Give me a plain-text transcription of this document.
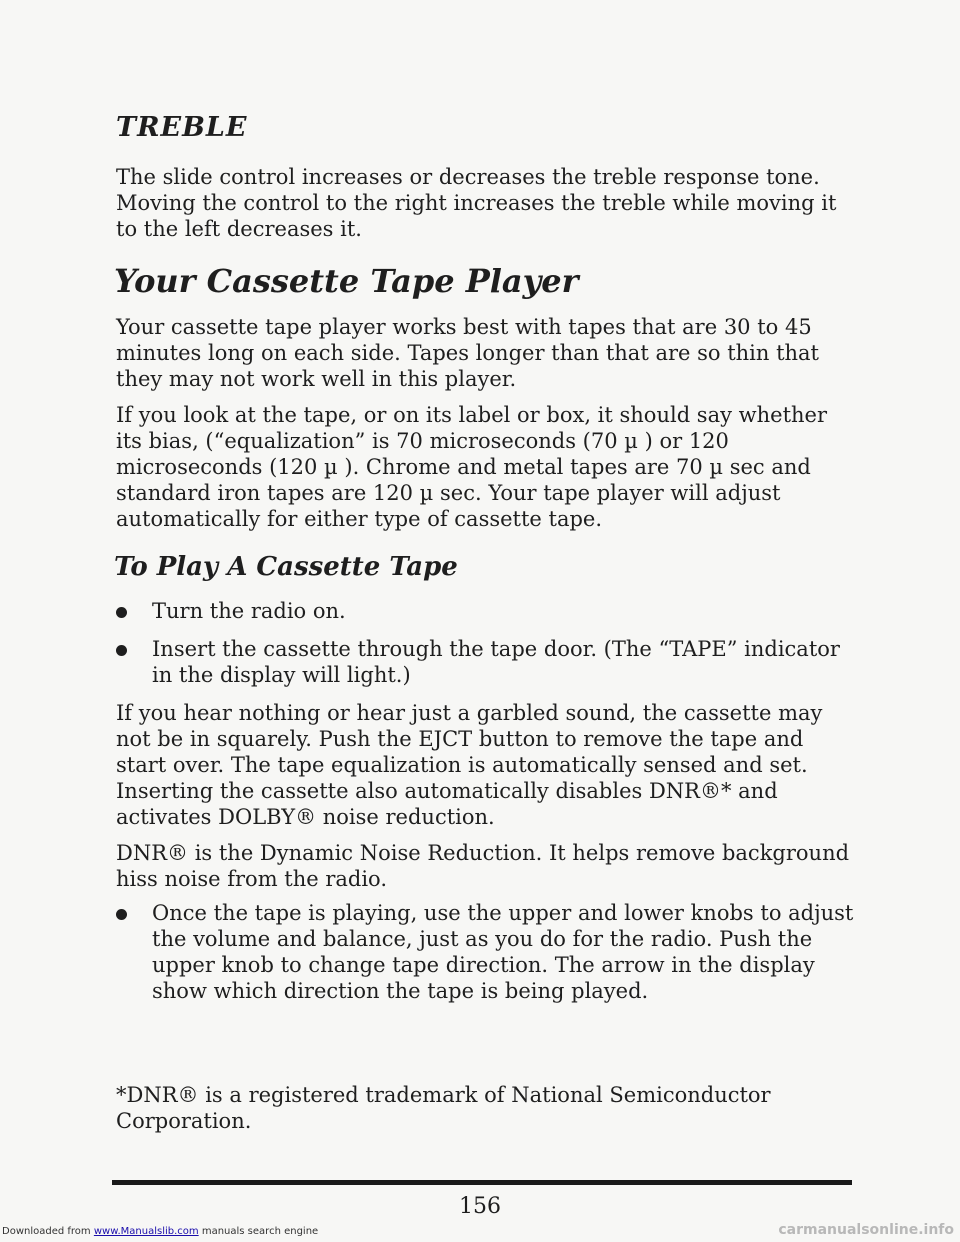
TREBLE

The slide control increases or decreases the treble response tone. Moving the control to the right increases the treble while moving it to the left decreases it.

Your Cassette Tape Player

Your cassette tape player works best with tapes that are 30 to 45 minutes long on each side. Tapes longer than that are so thin that they may not work well in this player.

If you look at the tape, or on its label or box, it should say whether its bias, (“equalization” is 70 microseconds (70 µ ) or 120 microseconds (120 µ ). Chrome and metal tapes are 70 µ sec and standard iron tapes are 120 µ sec. Your tape player will adjust automatically for either type of cassette tape.

To Play A Cassette Tape
Turn the radio on.
Insert the cassette through the tape door. (The “TAPE” indicator in the display will light.)

If you hear nothing or hear just a garbled sound, the cassette may not be in squarely. Push the EJCT button to remove the tape and start over. The tape equalization is automatically sensed and set. Inserting the cassette also automatically disables DNR®* and activates DOLBY® noise reduction.

DNR® is the Dynamic Noise Reduction. It helps remove background hiss noise from the radio.

Once the tape is playing, use the upper and lower knobs to adjust the volume and balance, just as you do for the radio. Push the upper knob to change tape direction. The arrow in the display show which direction the tape is being played.

*DNR® is a registered trademark of National Semiconductor Corporation.

156
Downloaded from www.Manualslib.com manuals search engine	carmanualsonline.info
